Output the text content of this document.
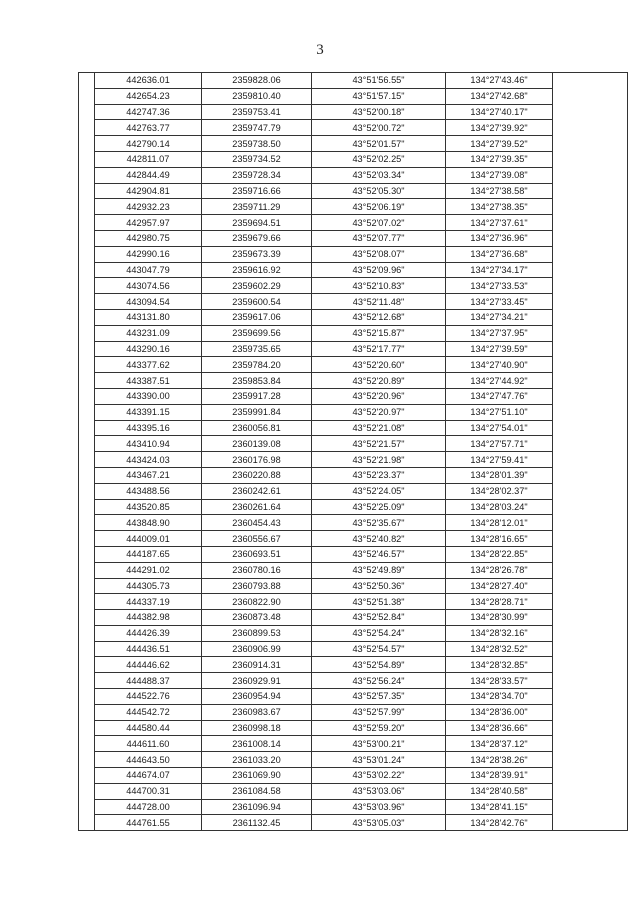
3
	442636.01	2359828.06	43°51'56.55"	134°27'43.46"	
	442654.23	2359810.40	43°51'57.15"	134°27'42.68"	
	442747.36	2359753.41	43°52'00.18"	134°27'40.17"	
	442763.77	2359747.79	43°52'00.72"	134°27'39.92"	
	442790.14	2359738.50	43°52'01.57"	134°27'39.52"	
	442811.07	2359734.52	43°52'02.25"	134°27'39.35"	
	442844.49	2359728.34	43°52'03.34"	134°27'39.08"	
	442904.81	2359716.66	43°52'05.30"	134°27'38.58"	
	442932.23	2359711.29	43°52'06.19"	134°27'38.35"	
	442957.97	2359694.51	43°52'07.02"	134°27'37.61"	
	442980.75	2359679.66	43°52'07.77"	134°27'36.96"	
	442990.16	2359673.39	43°52'08.07"	134°27'36.68"	
	443047.79	2359616.92	43°52'09.96"	134°27'34.17"	
	443074.56	2359602.29	43°52'10.83"	134°27'33.53"	
	443094.54	2359600.54	43°52'11.48"	134°27'33.45"	
	443131.80	2359617.06	43°52'12.68"	134°27'34.21"	
	443231.09	2359699.56	43°52'15.87"	134°27'37.95"	
	443290.16	2359735.65	43°52'17.77"	134°27'39.59"	
	443377.62	2359784.20	43°52'20.60"	134°27'40.90"	
	443387.51	2359853.84	43°52'20.89"	134°27'44.92"	
	443390.00	2359917.28	43°52'20.96"	134°27'47.76"	
	443391.15	2359991.84	43°52'20.97"	134°27'51.10"	
	443395.16	2360056.81	43°52'21.08"	134°27'54.01"	
	443410.94	2360139.08	43°52'21.57"	134°27'57.71"	
	443424.03	2360176.98	43°52'21.98"	134°27'59.41"	
	443467.21	2360220.88	43°52'23.37"	134°28'01.39"	
	443488.56	2360242.61	43°52'24.05"	134°28'02.37"	
	443520.85	2360261.64	43°52'25.09"	134°28'03.24"	
	443848.90	2360454.43	43°52'35.67"	134°28'12.01"	
	444009.01	2360556.67	43°52'40.82"	134°28'16.65"	
	444187.65	2360693.51	43°52'46.57"	134°28'22.85"	
	444291.02	2360780.16	43°52'49.89"	134°28'26.78"	
	444305.73	2360793.88	43°52'50.36"	134°28'27.40"	
	444337.19	2360822.90	43°52'51.38"	134°28'28.71"	
	444382.98	2360873.48	43°52'52.84"	134°28'30.99"	
	444426.39	2360899.53	43°52'54.24"	134°28'32.16"	
	444436.51	2360906.99	43°52'54.57"	134°28'32.52"	
	444446.62	2360914.31	43°52'54.89"	134°28'32.85"	
	444488.37	2360929.91	43°52'56.24"	134°28'33.57"	
	444522.76	2360954.94	43°52'57.35"	134°28'34.70"	
	444542.72	2360983.67	43°52'57.99"	134°28'36.00"	
	444580.44	2360998.18	43°52'59.20"	134°28'36.66"	
	444611.60	2361008.14	43°53'00.21"	134°28'37.12"	
	444643.50	2361033.20	43°53'01.24"	134°28'38.26"	
	444674.07	2361069.90	43°53'02.22"	134°28'39.91"	
	444700.31	2361084.58	43°53'03.06"	134°28'40.58"	
	444728.00	2361096.94	43°53'03.96"	134°28'41.15"	
	444761.55	2361132.45	43°53'05.03"	134°28'42.76"	
